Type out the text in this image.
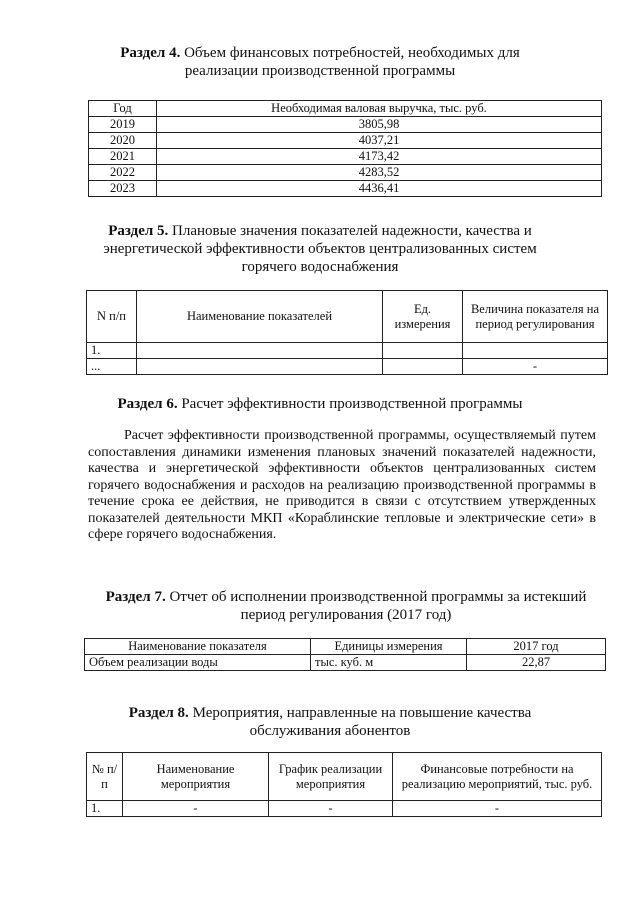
Раздел 4. Объем финансовых потребностей, необходимых для реализации производственной программы
Год	Необходимая валовая выручка, тыс. руб.
2019	3805,98
2020	4037,21
2021	4173,42
2022	4283,52
2023	4436,41
Раздел 5. Плановые значения показателей надежности, качества и энергетической эффективности объектов централизованных систем горячего водоснабжения
N п/п	Наименование показателей	Ед. измерения	Величина показателя на период регулирования
1.			
...			-
Раздел 6. Расчет эффективности производственной программы
Расчет эффективности производственной программы, осуществляемый путем сопоставления динамики изменения плановых значений показателей надежности, качества и энергетической эффективности объектов централизованных систем горячего водоснабжения и расходов на реализацию производственной программы в течение срока ее действия, не приводится в связи с отсутствием утвержденных показателей деятельности МКП «Кораблинские тепловые и электрические сети» в сфере горячего водоснабжения.
Раздел 7. Отчет об исполнении производственной программы за истекший период регулирования (2017 год)
Наименование показателя	Единицы измерения	2017 год
Объем реализации воды	тыс. куб. м	22,87
Раздел 8. Мероприятия, направленные на повышение качества обслуживания абонентов
№ п/п	Наименование мероприятия	График реализации мероприятия	Финансовые потребности на реализацию мероприятий, тыс. руб.
1.	-	-	-
